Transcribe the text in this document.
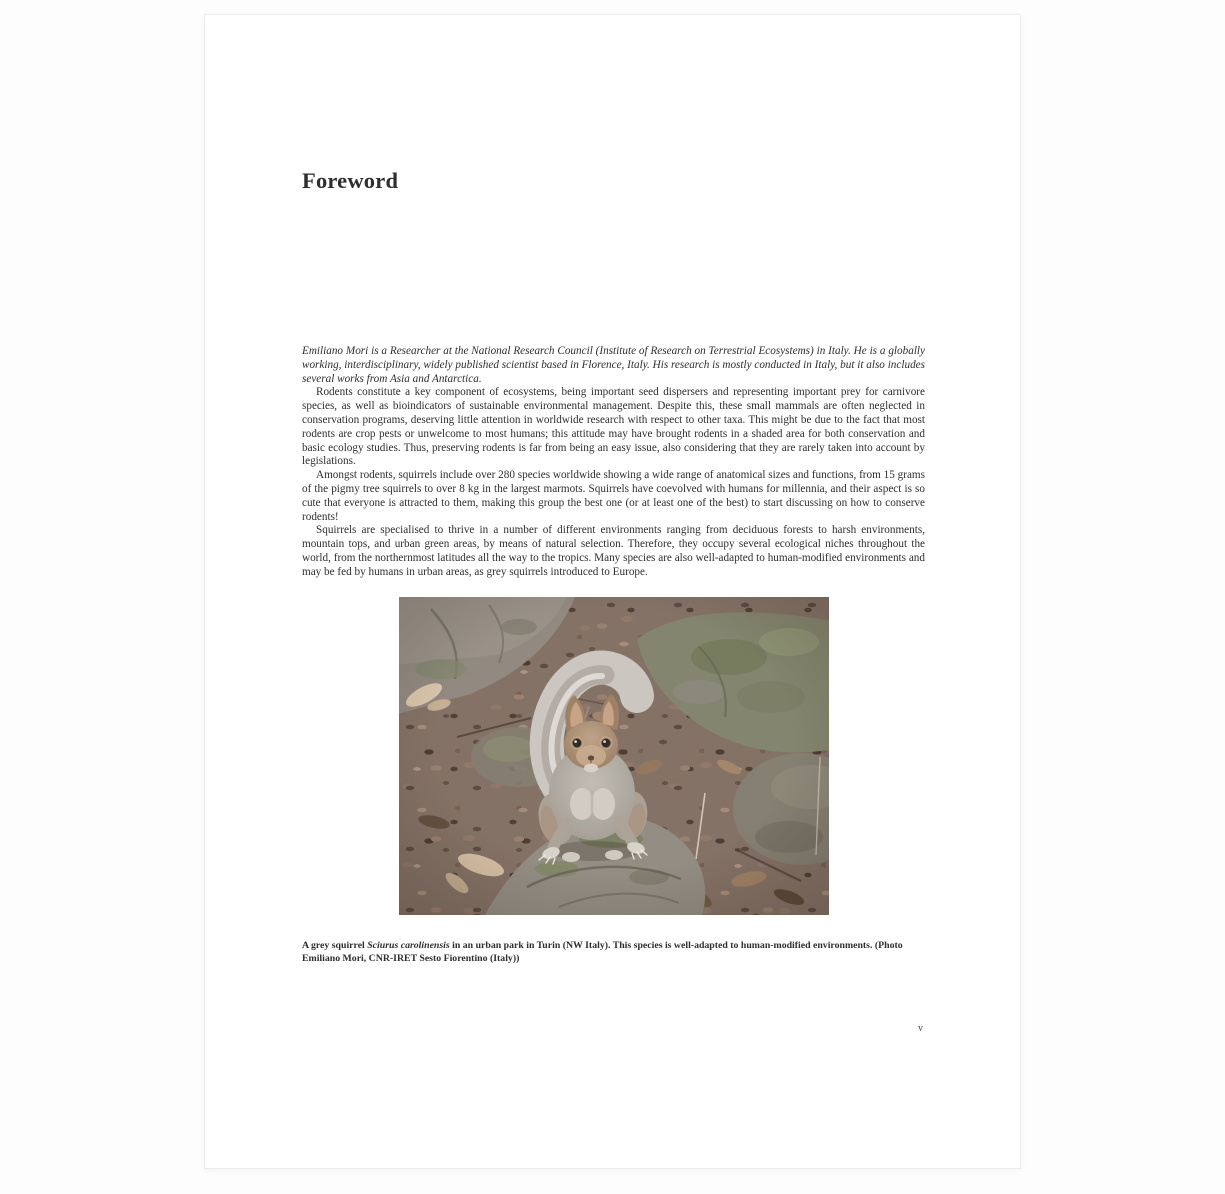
Foreword

Emiliano Mori is a Researcher at the National Research Council (Institute of Research on Terrestrial Ecosystems) in Italy. He is a globally working, interdisciplinary, widely published scientist based in Florence, Italy. His research is mostly conducted in Italy, but it also includes several works from Asia and Antarctica.

Rodents constitute a key component of ecosystems, being important seed dispersers and representing important prey for carnivore species, as well as bioindicators of sustainable environmental management. Despite this, these small mammals are often neglected in conservation programs, deserving little attention in worldwide research with respect to other taxa. This might be due to the fact that most rodents are crop pests or unwelcome to most humans; this attitude may have brought rodents in a shaded area for both conservation and basic ecology studies. Thus, preserving rodents is far from being an easy issue, also considering that they are rarely taken into account by legislations.

Amongst rodents, squirrels include over 280 species worldwide showing a wide range of anatomical sizes and functions, from 15 grams of the pigmy tree squirrels to over 8 kg in the largest marmots. Squirrels have coevolved with humans for millennia, and their aspect is so cute that everyone is attracted to them, making this group the best one (or at least one of the best) to start discussing on how to conserve rodents!

Squirrels are specialised to thrive in a number of different environments ranging from deciduous forests to harsh environments, mountain tops, and urban green areas, by means of natural selection. Therefore, they occupy several ecological niches throughout the world, from the northernmost latitudes all the way to the tropics. Many species are also well-adapted to human-modified environments and may be fed by humans in urban areas, as grey squirrels introduced to Europe.

A grey squirrel Sciurus carolinensis in an urban park in Turin (NW Italy). This species is well-adapted to human-modified environments. (Photo Emiliano Mori, CNR-IRET Sesto Fiorentino (Italy))

v
